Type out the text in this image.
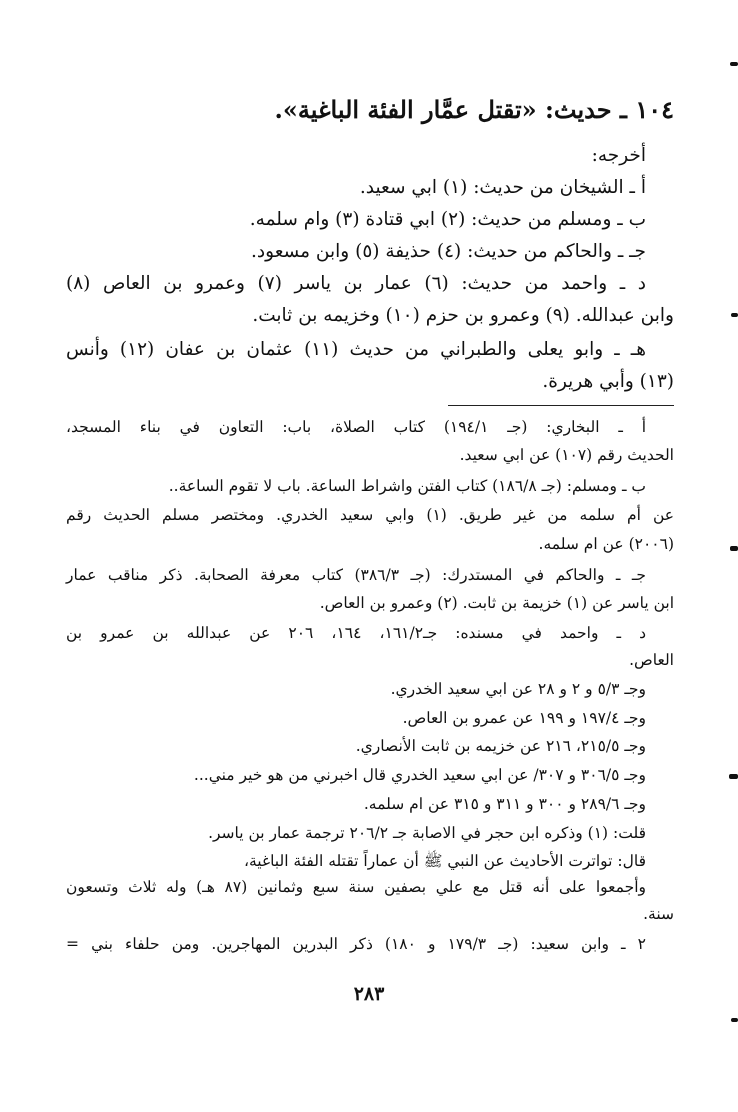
١٠٤ ـ حديث: «تقتل عمَّار الفئة الباغية».
أخرجه:
أ ـ الشيخان من حديث: (١) ابي سعيد.
ب ـ ومسلم من حديث: (٢) ابي قتادة (٣) وام سلمه.
جـ ـ والحاكم من حديث: (٤) حذيفة (٥) وابن مسعود.
د ـ واحمد من حديث: (٦) عمار بن ياسر (٧) وعمرو بن العاص (٨)
وابن عبدالله. (٩) وعمرو بن حزم (١٠) وخزيمه بن ثابت.
هـ ـ وابو يعلى والطبراني من حديث (١١) عثمان بن عفان (١٢) وأنس
(١٣) وأبي هريرة.
أ ـ البخاري: (جـ ١٩٤/١) كتاب الصلاة، باب: التعاون في بناء المسجد،
الحديث رقم (١٠٧) عن ابي سعيد.
ب ـ ومسلم: (جـ ١٨٦/٨) كتاب الفتن واشراط الساعة. باب لا تقوم الساعة..
عن أم سلمه من غير طريق. (١) وابي سعيد الخدري. ومختصر مسلم الحديث رقم
(٢٠٠٦) عن ام سلمه.
جـ ـ والحاكم في المستدرك: (جـ ٣٨٦/٣) كتاب معرفة الصحابة. ذكر مناقب عمار
ابن ياسر عن (١) خزيمة بن ثابت. (٢) وعمرو بن العاص.
د ـ واحمد في مسنده: جـ١٦١/٢، ١٦٤، ٢٠٦ عن عبدالله بن عمرو بن
العاص.
وجـ ٥/٣ و ٢ و ٢٨ عن ابي سعيد الخدري.
وجـ ١٩٧/٤ و ١٩٩ عن عمرو بن العاص.
وجـ ٢١٥/٥، ٢١٦ عن خزيمه بن ثابت الأنصاري.
وجـ ٣٠٦/٥ و ٣٠٧/ عن ابي سعيد الخدري قال اخبرني من هو خير مني...
وجـ ٢٨٩/٦ و ٣٠٠ و ٣١١ و ٣١٥ عن ام سلمه.
قلت: (١) وذكره ابن حجر في الاصابة جـ ٢٠٦/٢ ترجمة عمار بن ياسر.
قال: تواترت الأحاديث عن النبي ﷺ أن عماراً تقتله الفئة الباغية،
وأجمعوا على أنه قتل مع علي بصفين سنة سبع وثمانين (٨٧ هـ) وله ثلاث وتسعون
سنة.
٢ ـ وابن سعيد: (جـ ١٧٩/٣ و ١٨٠) ذكر البدرين المهاجرين. ومن حلفاء بني =
٢٨٣
